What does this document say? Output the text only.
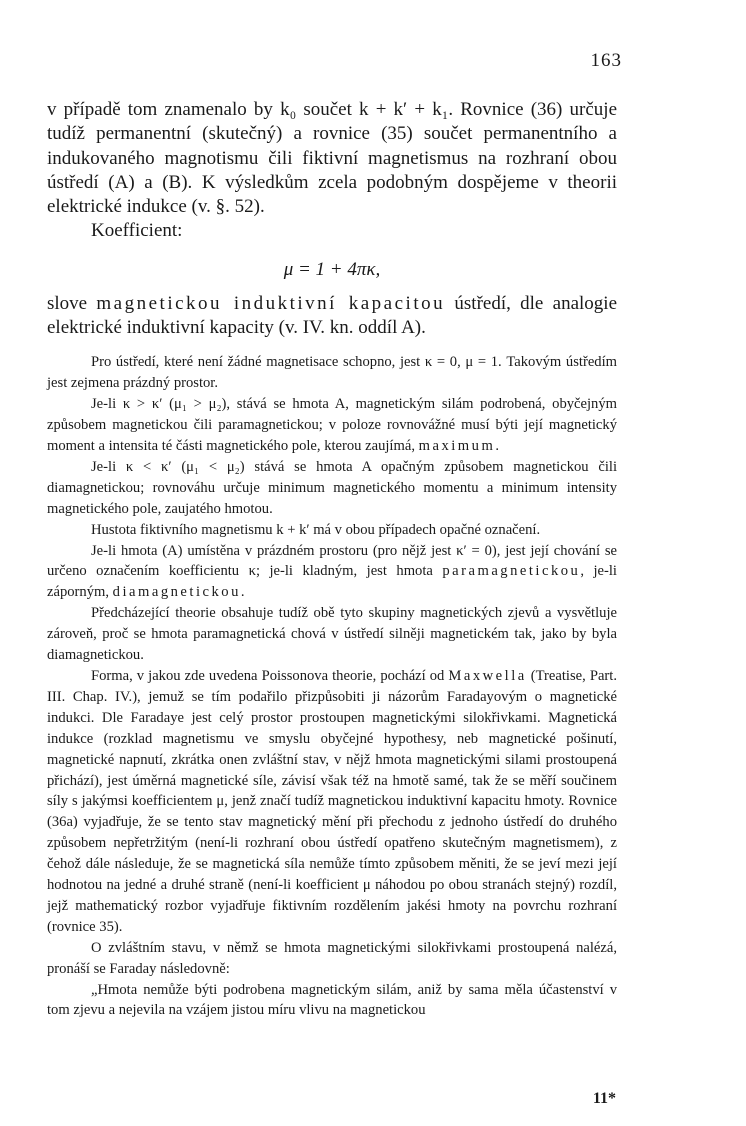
163

v případě tom znamenalo by k₀ součet k + k′ + k₁. Rovnice (36) určuje tudíž permanentní (skutečný) a rovnice (35) součet permanentního a indukovaného magnotismu čili fiktivní magnetismus na rozhraní obou ústředí (A) a (B). K výsledkům zcela podobným dospějeme v theorii elektrické indukce (v. §. 52).

Koefficient:

μ = 1 + 4πκ,

slove magnetickou induktivní kapacitou ústředí, dle analogie elektrické induktivní kapacity (v. IV. kn. oddíl A).

Pro ústředí, které není žádné magnetisace schopno, jest κ = 0, μ = 1. Takovým ústředím jest zejmena prázdný prostor.

Je-li κ > κ′ (μ₁ > μ₂), stává se hmota A, magnetickým silám podrobená, obyčejným způsobem magnetickou čili paramagnetickou; v poloze rovnovážné musí býti její magnetický moment a intensita té části magnetického pole, kterou zaujímá, maximum.

Je-li κ < κ′ (μ₁ < μ₂) stává se hmota A opačným způsobem magnetickou čili diamagnetickou; rovnováhu určuje minimum magnetického momentu a minimum intensity magnetického pole, zaujatého hmotou.

Hustota fiktivního magnetismu k + k′ má v obou případech opačné označení.

Je-li hmota (A) umístěna v prázdném prostoru (pro nějž jest κ′ = 0), jest její chování se určeno označením koefficientu κ; je-li kladným, jest hmota paramagnetickou, je-li záporným, diamagnetickou.

Předcházející theorie obsahuje tudíž obě tyto skupiny magnetických zjevů a vysvětluje zároveň, proč se hmota paramagnetická chová v ústředí silněji magnetickém tak, jako by byla diamagnetickou.

Forma, v jakou zde uvedena Poissonova theorie, pochází od Maxwella (Treatise, Part. III. Chap. IV.), jemuž se tím podařilo přizpůsobiti ji názorům Faradayovým o magnetické indukci. Dle Faradaye jest celý prostor prostoupen magnetickými silokřivkami. Magnetická indukce (rozklad magnetismu ve smyslu obyčejné hypothesy, neb magnetické pošinutí, magnetické napnutí, zkrátka onen zvláštní stav, v nějž hmota magnetickými silami prostoupená přichází), jest úměrná magnetické síle, závisí však též na hmotě samé, tak že se měří součinem síly s jakýmsi koefficientem μ, jenž značí tudíž magnetickou induktivní kapacitu hmoty. Rovnice (36a) vyjadřuje, že se tento stav magnetický mění při přechodu z jednoho ústředí do druhého způsobem nepřetržitým (není-li rozhraní obou ústředí opatřeno skutečným magnetismem), z čehož dále následuje, že se magnetická síla nemůže tímto způsobem měniti, že se jeví mezi její hodnotou na jedné a druhé straně (není-li koefficient μ náhodou po obou stranách stejný) rozdíl, jejž mathematický rozbor vyjadřuje fiktivním rozdělením jakési hmoty na povrchu rozhraní (rovnice 35).

O zvláštním stavu, v němž se hmota magnetickými silokřivkami prostoupená nalézá, pronáší se Faraday následovně:

„Hmota nemůže býti podrobena magnetickým silám, aniž by sama měla účastenství v tom zjevu a nejevila na vzájem jistou míru vlivu na magnetickou

11*
